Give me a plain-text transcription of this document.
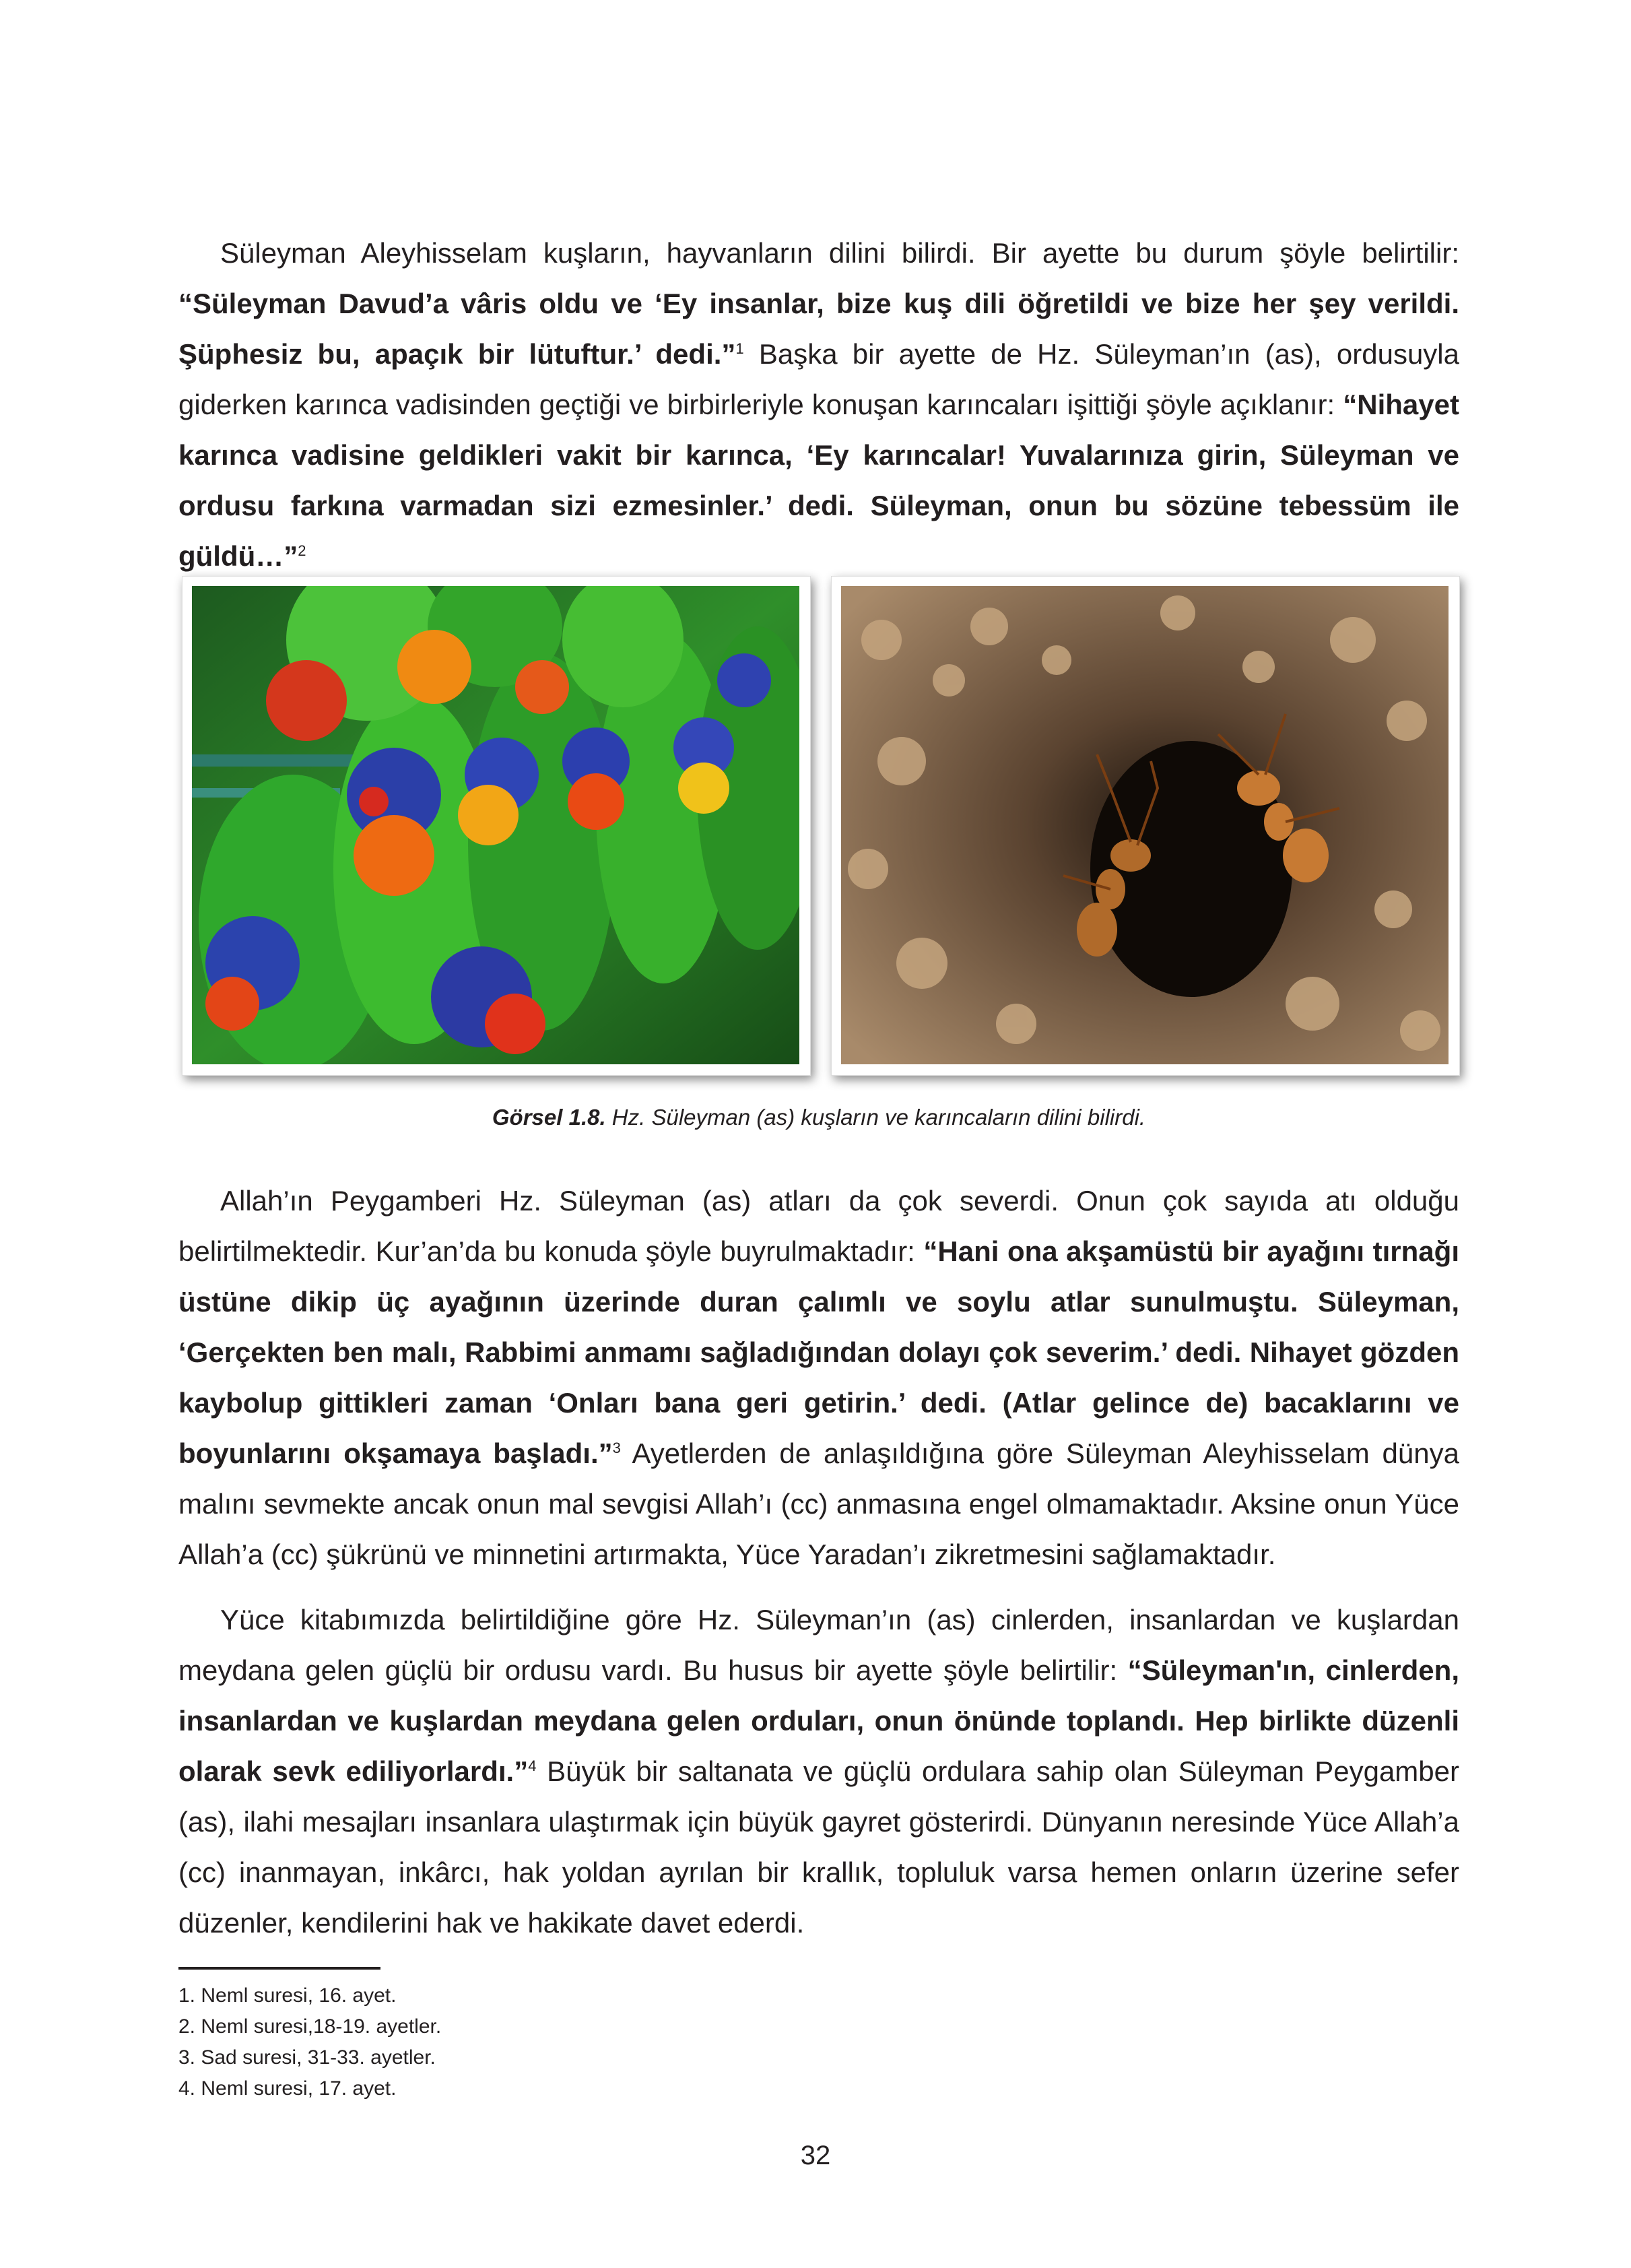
Süleyman Aleyhisselam kuşların, hayvanların dilini bilirdi. Bir ayette bu durum şöyle belirtilir: “Süleyman Davud’a vâris oldu ve ‘Ey insanlar, bize kuş dili öğretildi ve bize her şey verildi. Şüphesiz bu, apaçık bir lütuftur.’ dedi.”$^1$ Başka bir ayette de Hz. Süleyman’ın (as), ordusuyla giderken karınca vadisinden geçtiği ve birbirleriyle konuşan karıncaları işittiği şöyle açıklanır: “Nihayet karınca vadisine geldikleri vakit bir karınca, ‘Ey karıncalar! Yuvalarınıza girin, Süleyman ve ordusu farkına varmadan sizi ezmesinler.’ dedi. Süleyman, onun bu sözüne tebessüm ile güldü…”$^2$

Görsel 1.8. Hz. Süleyman (as) kuşların ve karıncaların dilini bilirdi.

Allah’ın Peygamberi Hz. Süleyman (as) atları da çok severdi. Onun çok sayıda atı olduğu belirtilmektedir. Kur’an’da bu konuda şöyle buyrulmaktadır: “Hani ona akşamüstü bir ayağını tırnağı üstüne dikip üç ayağının üzerinde duran çalımlı ve soylu atlar sunulmuştu. Süleyman, ‘Gerçekten ben malı, Rabbimi anmamı sağladığından dolayı çok severim.’ dedi. Nihayet gözden kaybolup gittikleri zaman ‘Onları bana geri getirin.’ dedi. (Atlar gelince de) bacaklarını ve boyunlarını okşamaya başladı.”$^3$ Ayetlerden de anlaşıldığına göre Süleyman Aleyhisselam dünya malını sevmekte ancak onun mal sevgisi Allah’ı (cc) anmasına engel olmamaktadır. Aksine onun Yüce Allah’a (cc) şükrünü ve minnetini artırmakta, Yüce Yaradan’ı zikretmesini sağlamaktadır.

Yüce kitabımızda belirtildiğine göre Hz. Süleyman’ın (as) cinlerden, insanlardan ve kuşlardan meydana gelen güçlü bir ordusu vardı. Bu husus bir ayette şöyle belirtilir: “Süleyman'ın, cinlerden, insanlardan ve kuşlardan meydana gelen orduları, onun önünde toplandı. Hep birlikte düzenli olarak sevk ediliyorlardı.”$^4$ Büyük bir saltanata ve güçlü ordulara sahip olan Süleyman Peygamber (as), ilahi mesajları insanlara ulaştırmak için büyük gayret gösterirdi. Dünyanın neresinde Yüce Allah’a (cc) inanmayan, inkârcı, hak yoldan ayrılan bir krallık, topluluk varsa hemen onların üzerine sefer düzenler, kendilerini hak ve hakikate davet ederdi.

1. Neml suresi, 16. ayet.
2. Neml suresi,18-19. ayetler.
3. Sad suresi, 31-33. ayetler.
4. Neml suresi, 17. ayet.
32
